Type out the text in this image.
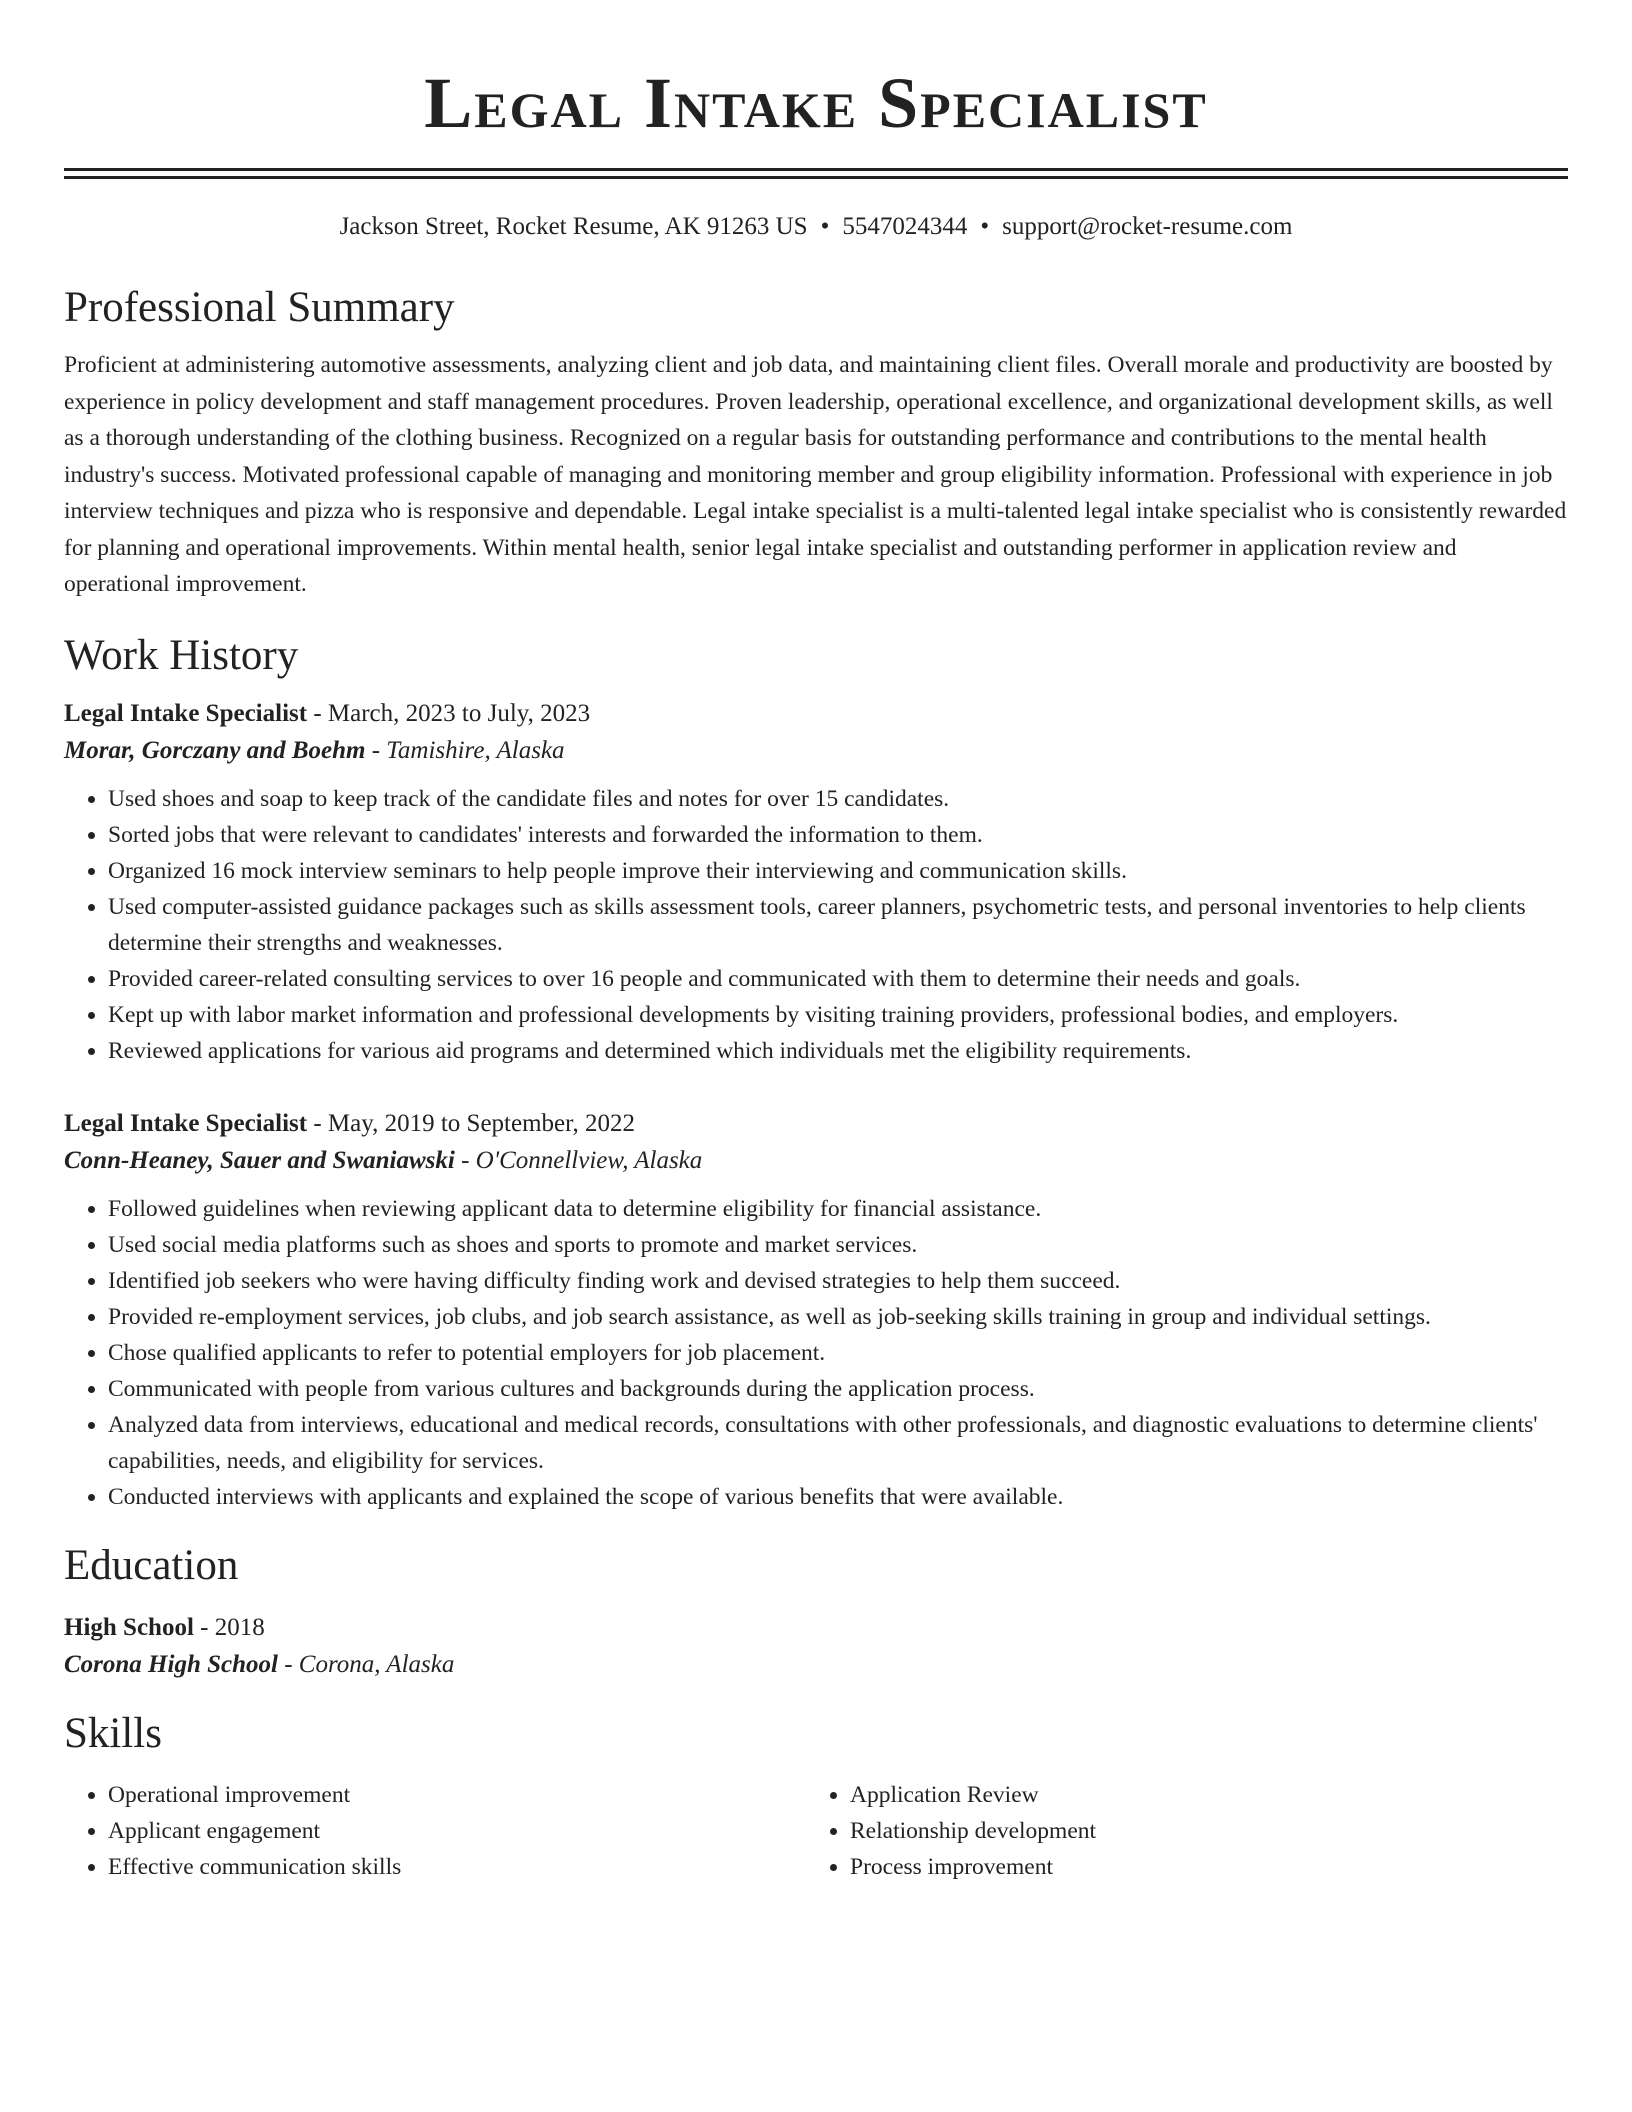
Legal Intake Specialist
Jackson Street, Rocket Resume, AK 91263 US • 5547024344 • support@rocket-resume.com
Professional Summary

Proficient at administering automotive assessments, analyzing client and job data, and maintaining client files. Overall morale and productivity are boosted by experience in policy development and staff management procedures. Proven leadership, operational excellence, and organizational development skills, as well as a thorough understanding of the clothing business. Recognized on a regular basis for outstanding performance and contributions to the mental health industry's success. Motivated professional capable of managing and monitoring member and group eligibility information. Professional with experience in job interview techniques and pizza who is responsive and dependable. Legal intake specialist is a multi-talented legal intake specialist who is consistently rewarded for planning and operational improvements. Within mental health, senior legal intake specialist and outstanding performer in application review and operational improvement.

Work History
Legal Intake Specialist - March, 2023 to July, 2023
Morar, Gorczany and Boehm - Tamishire, Alaska
• Used shoes and soap to keep track of the candidate files and notes for over 15 candidates.
• Sorted jobs that were relevant to candidates' interests and forwarded the information to them.
• Organized 16 mock interview seminars to help people improve their interviewing and communication skills.
• Used computer-assisted guidance packages such as skills assessment tools, career planners, psychometric tests, and personal inventories to help clients determine their strengths and weaknesses.
• Provided career-related consulting services to over 16 people and communicated with them to determine their needs and goals.
• Kept up with labor market information and professional developments by visiting training providers, professional bodies, and employers.
• Reviewed applications for various aid programs and determined which individuals met the eligibility requirements.
Legal Intake Specialist - May, 2019 to September, 2022
Conn-Heaney, Sauer and Swaniawski - O'Connellview, Alaska
• Followed guidelines when reviewing applicant data to determine eligibility for financial assistance.
• Used social media platforms such as shoes and sports to promote and market services.
• Identified job seekers who were having difficulty finding work and devised strategies to help them succeed.
• Provided re-employment services, job clubs, and job search assistance, as well as job-seeking skills training in group and individual settings.
• Chose qualified applicants to refer to potential employers for job placement.
• Communicated with people from various cultures and backgrounds during the application process.
• Analyzed data from interviews, educational and medical records, consultations with other professionals, and diagnostic evaluations to determine clients' capabilities, needs, and eligibility for services.
• Conducted interviews with applicants and explained the scope of various benefits that were available.
Education
High School - 2018
Corona High School - Corona, Alaska
Skills
• Operational improvement
• Applicant engagement
• Effective communication skills
• Application Review
• Relationship development
• Process improvement
